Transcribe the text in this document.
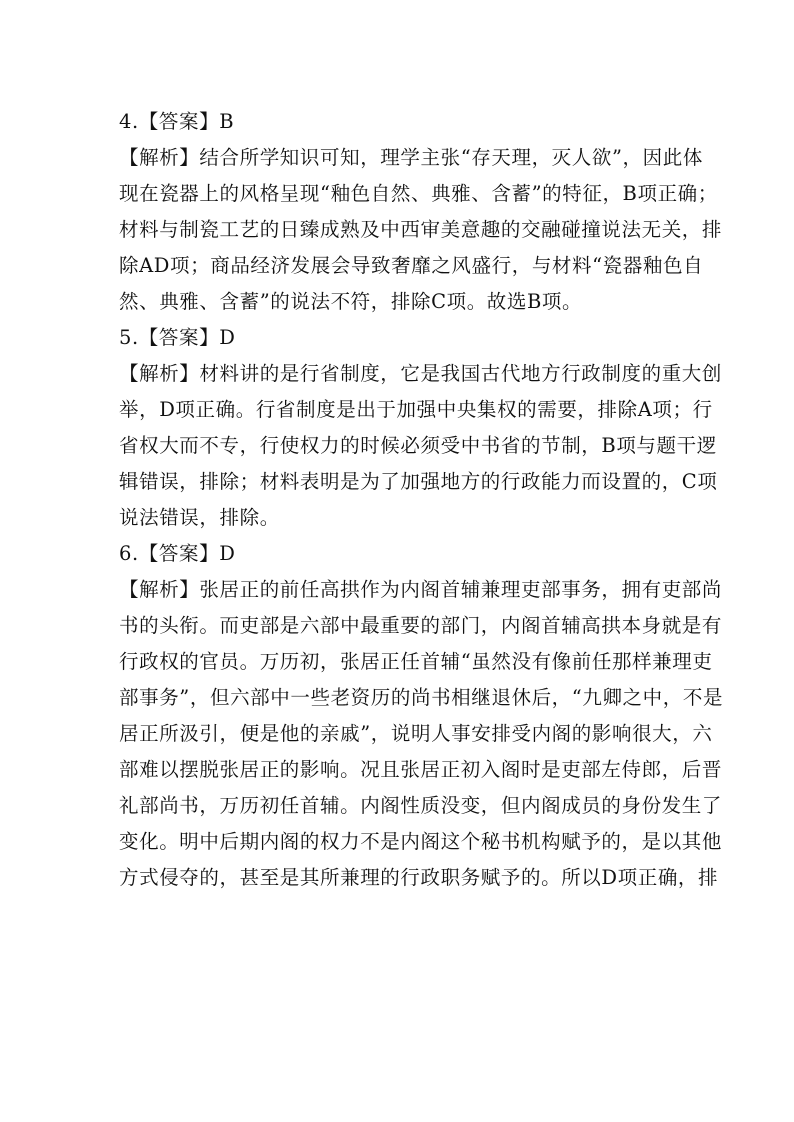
4.【答案】B
【解析】结合所学知识可知，理学主张“存天理，灭人欲”，因此体
现在瓷器上的风格呈现“釉色自然、典雅、含蓄”的特征，B项正确；
材料与制瓷工艺的日臻成熟及中西审美意趣的交融碰撞说法无关，排
除AD项；商品经济发展会导致奢靡之风盛行，与材料“瓷器釉色自
然、典雅、含蓄”的说法不符，排除C项。故选B项。
5.【答案】D
【解析】材料讲的是行省制度，它是我国古代地方行政制度的重大创
举，D项正确。行省制度是出于加强中央集权的需要，排除A项；行
省权大而不专，行使权力的时候必须受中书省的节制，B项与题干逻
辑错误，排除；材料表明是为了加强地方的行政能力而设置的，C项
说法错误，排除。
6.【答案】D
【解析】张居正的前任高拱作为内阁首辅兼理吏部事务，拥有吏部尚
书的头衔。而吏部是六部中最重要的部门，内阁首辅高拱本身就是有
行政权的官员。万历初，张居正任首辅“虽然没有像前任那样兼理吏
部事务”，但六部中一些老资历的尚书相继退休后，“九卿之中，不是
居正所汲引，便是他的亲戚”，说明人事安排受内阁的影响很大，六
部难以摆脱张居正的影响。况且张居正初入阁时是吏部左侍郎，后晋
礼部尚书，万历初任首辅。内阁性质没变，但内阁成员的身份发生了
变化。明中后期内阁的权力不是内阁这个秘书机构赋予的，是以其他
方式侵夺的，甚至是其所兼理的行政职务赋予的。所以D项正确，排
